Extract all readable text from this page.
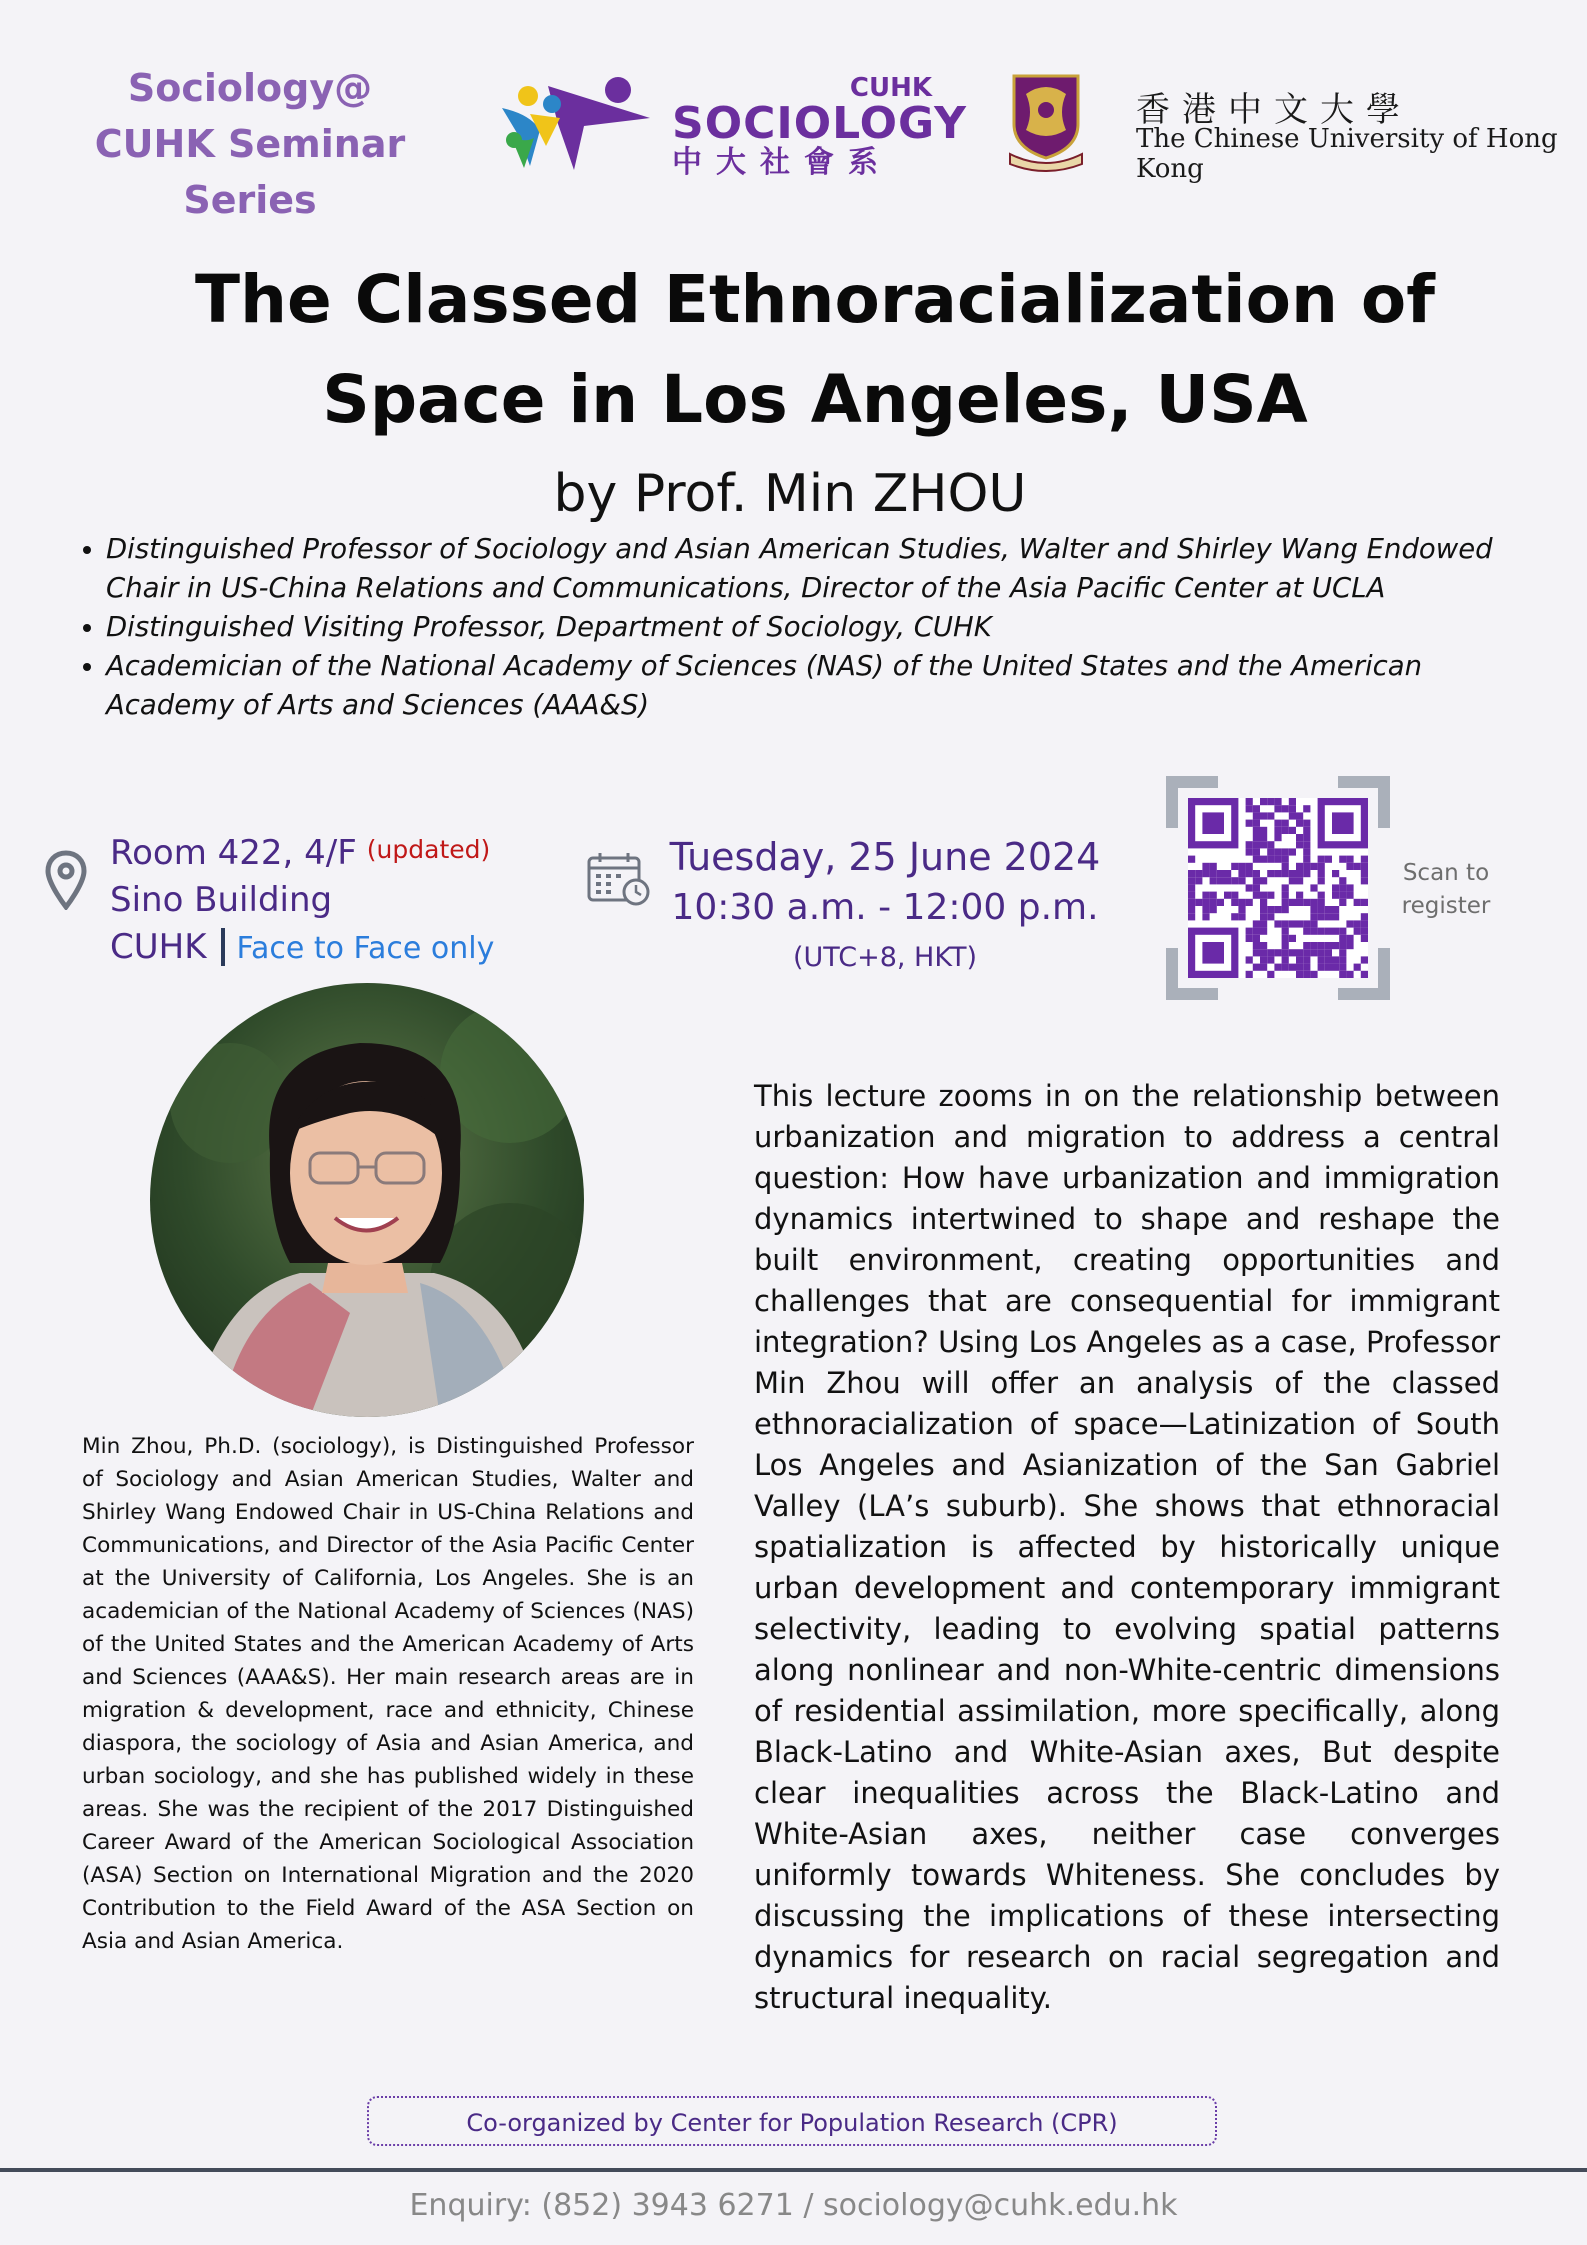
Sociology@
CUHK Seminar Series
CUHK
SOCIOLOGY
中大社會系
香港中文大學
The Chinese University of Hong Kong
The Classed Ethnoracialization of
Space in Los Angeles, USA
by Prof. Min ZHOU
• Distinguished Professor of Sociology and Asian American Studies, Walter and Shirley Wang Endowed Chair in US-China Relations and Communications, Director of the Asia Pacific Center at UCLA
• Distinguished Visiting Professor, Department of Sociology, CUHK
• Academician of the National Academy of Sciences (NAS) of the United States and the American Academy of Arts and Sciences (AAA&S)
Room 422, 4/F (updated)
Sino Building
CUHK Face to Face only
Tuesday, 25 June 2024
10:30 a.m. - 12:00 p.m.
(UTC+8, HKT)
Scan to
register
Min Zhou, Ph.D. (sociology), is Distinguished Professor of Sociology and Asian American Studies, Walter and Shirley Wang Endowed Chair in US-China Relations and Communications, and Director of the Asia Pacific Center at the University of California, Los Angeles. She is an academician of the National Academy of Sciences (NAS) of the United States and the American Academy of Arts and Sciences (AAA&S). Her main research areas are in migration & development, race and ethnicity, Chinese diaspora, the sociology of Asia and Asian America, and urban sociology, and she has published widely in these areas. She was the recipient of the 2017 Distinguished Career Award of the American Sociological Association (ASA) Section on International Migration and the 2020 Contribution to the Field Award of the ASA Section on Asia and Asian America.
This lecture zooms in on the relationship between urbanization and migration to address a central question: How have urbanization and immigration dynamics intertwined to shape and reshape the built environment, creating opportunities and challenges that are consequential for immigrant integration? Using Los Angeles as a case, Professor Min Zhou will offer an analysis of the classed ethnoracialization of space—Latinization of South Los Angeles and Asianization of the San Gabriel Valley (LA’s suburb). She shows that ethnoracial spatialization is affected by historically unique urban development and contemporary immigrant selectivity, leading to evolving spatial patterns along nonlinear and non-White-centric dimensions of residential assimilation, more specifically, along Black-Latino and White-Asian axes, But despite clear inequalities across the Black-Latino and White-Asian axes, neither case converges uniformly towards Whiteness. She concludes by discussing the implications of these intersecting dynamics for research on racial segregation and structural inequality.
Co-organized by Center for Population Research (CPR)
Enquiry: (852) 3943 6271 / sociology@cuhk.edu.hk
